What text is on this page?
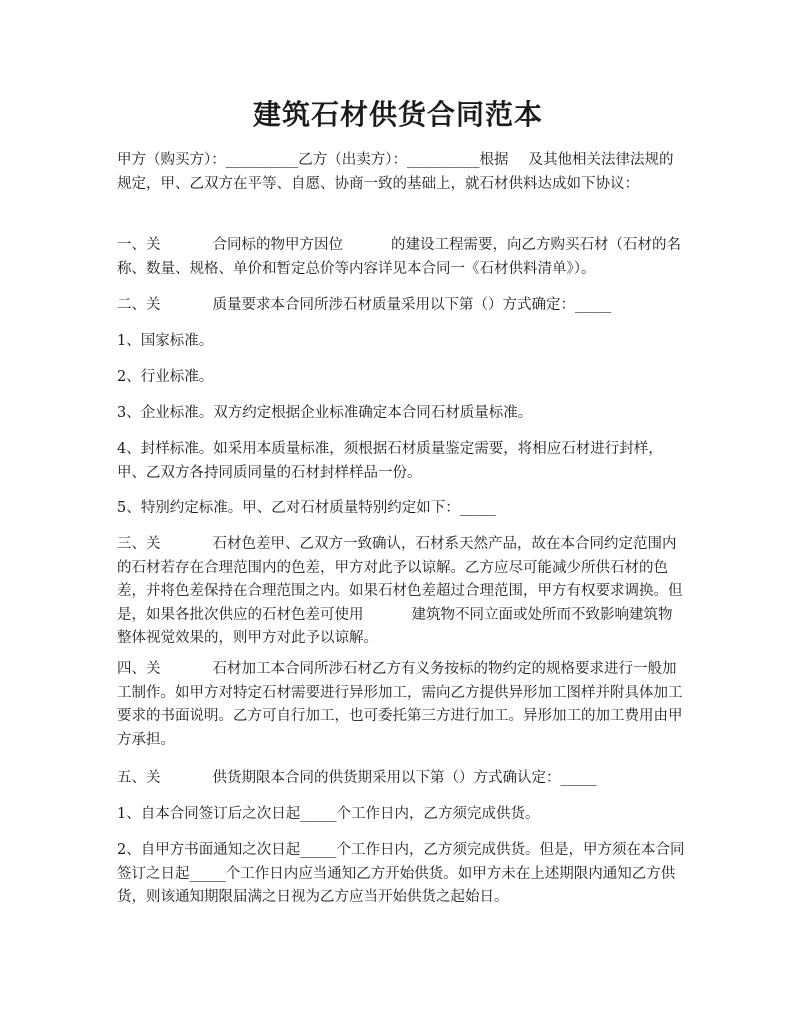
建筑石材供货合同范本

甲方（购买方）：__________乙方（出卖方）：__________根据 及其他相关法律法规的规定，甲、乙双方在平等、自愿、协商一致的基础上，就石材供料达成如下协议：

一、关	合同标的物甲方因位	的建设工程需要，向乙方购买石材（石材的名称、数量、规格、单价和暂定总价等内容详见本合同一《石材供料清单》）。

二、关	质量要求本合同所涉石材质量采用以下第（）方式确定：_____

1、国家标准。

2、行业标准。

3、企业标准。双方约定根据企业标准确定本合同石材质量标准。

4、封样标准。如采用本质量标准，须根据石材质量鉴定需要，将相应石材进行封样，甲、乙双方各持同质同量的石材封样样品一份。

5、特别约定标准。甲、乙对石材质量特别约定如下：_____

三、关	石材色差甲、乙双方一致确认，石材系天然产品，故在本合同约定范围内的石材若存在合理范围内的色差，甲方对此予以谅解。乙方应尽可能减少所供石材的色差，并将色差保持在合理范围之内。如果石材色差超过合理范围，甲方有权要求调换。但是，如果各批次供应的石材色差可使用	建筑物不同立面或处所而不致影响建筑物整体视觉效果的，则甲方对此予以谅解。

四、关	石材加工本合同所涉石材乙方有义务按标的物约定的规格要求进行一般加工制作。如甲方对特定石材需要进行异形加工，需向乙方提供异形加工图样并附具体加工要求的书面说明。乙方可自行加工，也可委托第三方进行加工。异形加工的加工费用由甲方承担。

五、关	供货期限本合同的供货期采用以下第（）方式确认定：_____

1、自本合同签订后之次日起_____个工作日内，乙方须完成供货。

2、自甲方书面通知之次日起_____个工作日内，乙方须完成供货。但是，甲方须在本合同签订之日起_____个工作日内应当通知乙方开始供货。如甲方未在上述期限内通知乙方供货，则该通知期限届满之日视为乙方应当开始供货之起始日。
